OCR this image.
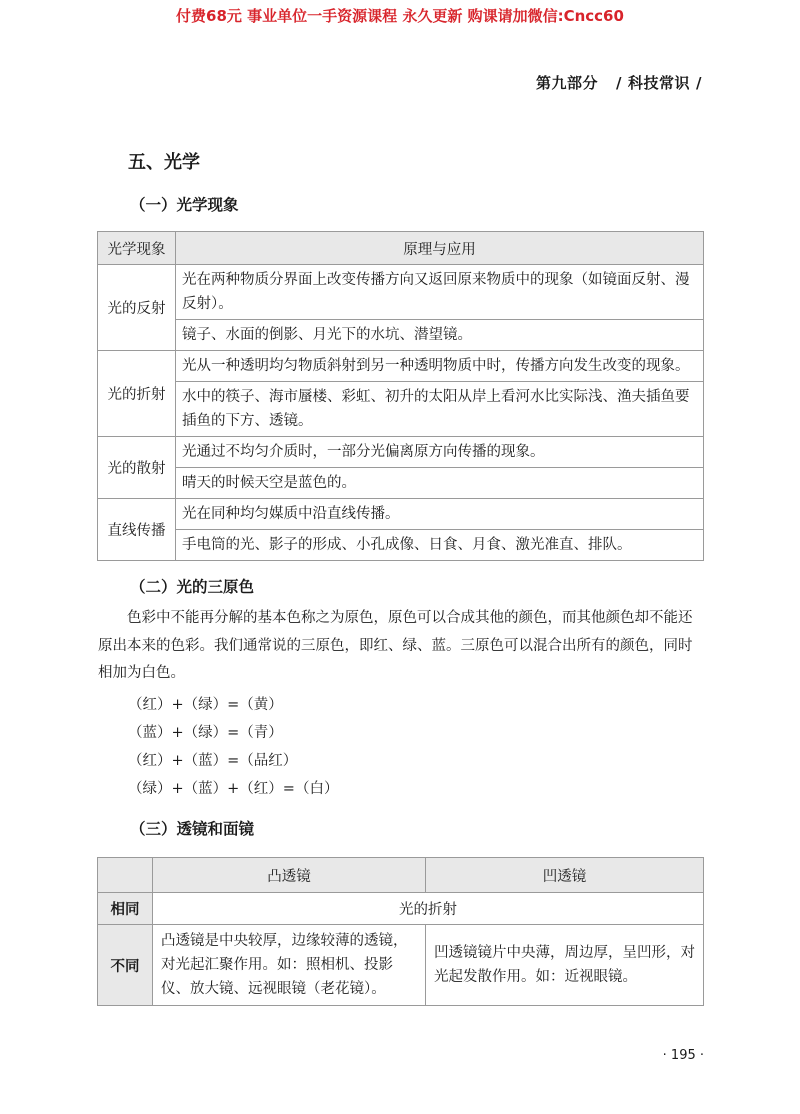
付费68元 事业单位一手资源课程 永久更新 购课请加微信:Cncc60
第九部分 / 科技常识 /
五、光学
（一）光学现象
光学现象	原理与应用
光的反射	光在两种物质分界面上改变传播方向又返回原来物质中的现象（如镜面反射、漫反射）。
	镜子、水面的倒影、月光下的水坑、潜望镜。
光的折射	光从一种透明均匀物质斜射到另一种透明物质中时，传播方向发生改变的现象。
	水中的筷子、海市蜃楼、彩虹、初升的太阳从岸上看河水比实际浅、渔夫插鱼要插鱼的下方、透镜。
光的散射	光通过不均匀介质时，一部分光偏离原方向传播的现象。
	晴天的时候天空是蓝色的。
直线传播	光在同种均匀媒质中沿直线传播。
	手电筒的光、影子的形成、小孔成像、日食、月食、激光准直、排队。
（二）光的三原色
色彩中不能再分解的基本色称之为原色，原色可以合成其他的颜色，而其他颜色却不能还原出本来的色彩。我们通常说的三原色，即红、绿、蓝。三原色可以混合出所有的颜色，同时相加为白色。
（红）+（绿）=（黄）
（蓝）+（绿）=（青）
（红）+（蓝）=（品红）
（绿）+（蓝）+（红）=（白）
（三）透镜和面镜
	凸透镜	凹透镜
相同	光的折射	
不同	凸透镜是中央较厚，边缘较薄的透镜，对光起汇聚作用。如：照相机、投影仪、放大镜、远视眼镜（老花镜）。	凹透镜镜片中央薄，周边厚，呈凹形，对光起发散作用。如：近视眼镜。
· 195 ·
